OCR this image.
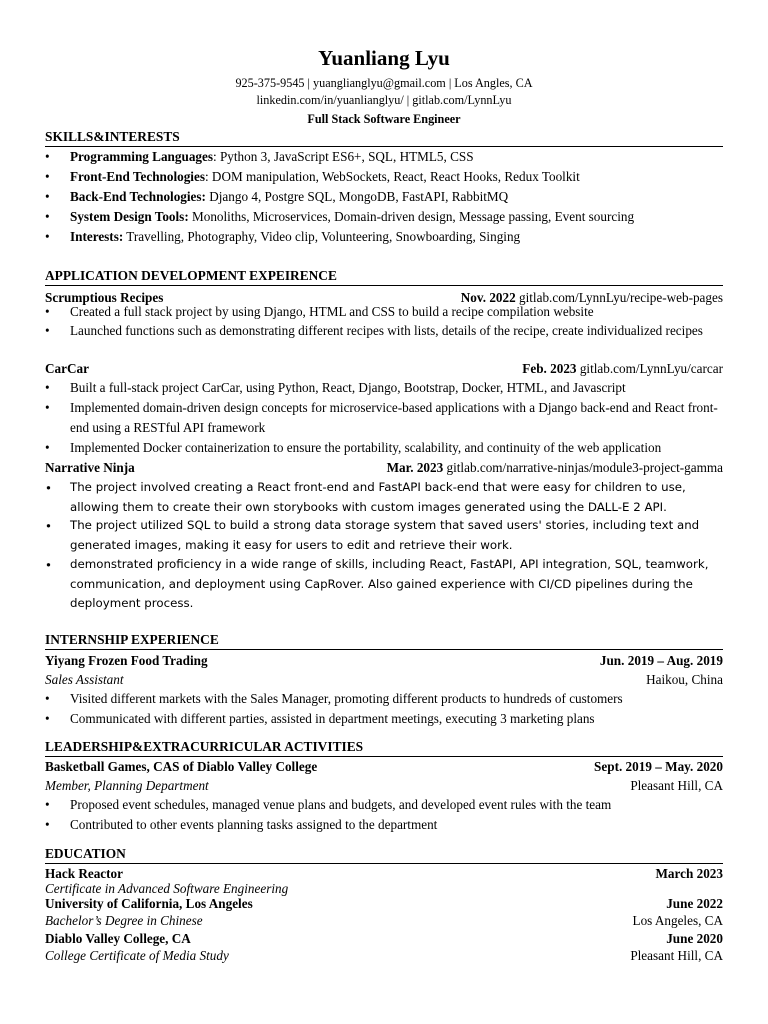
Yuanliang Lyu
925-375-9545 | yuanglianglyu@gmail.com | Los Angles, CA
linkedin.com/in/yuanlianglyu/ | gitlab.com/LynnLyu
Full Stack Software Engineer
SKILLS&INTERESTS
•	Programming Languages: Python 3, JavaScript ES6+, SQL, HTML5, CSS
•	Front-End Technologies: DOM manipulation, WebSockets, React, React Hooks, Redux Toolkit
•	Back-End Technologies: Django 4, Postgre SQL, MongoDB, FastAPI, RabbitMQ
•	System Design Tools: Monoliths, Microservices, Domain-driven design, Message passing, Event sourcing
•	Interests: Travelling, Photography, Video clip, Volunteering, Snowboarding, Singing
APPLICATION DEVELOPMENT EXPEIRENCE
Scrumptious Recipes	Nov. 2022 gitlab.com/LynnLyu/recipe-web-pages
•	Created a full stack project by using Django, HTML and CSS to build a recipe compilation website
•	Launched functions such as demonstrating different recipes with lists, details of the recipe, create individualized recipes
CarCar	Feb. 2023 gitlab.com/LynnLyu/carcar
•	Built a full-stack project CarCar, using Python, React, Django, Bootstrap, Docker, HTML, and Javascript
•	Implemented domain-driven design concepts for microservice-based applications with a Django back-end and React front-end using a RESTful API framework
•	Implemented Docker containerization to ensure the portability, scalability, and continuity of the web application
Narrative Ninja	Mar. 2023 gitlab.com/narrative-ninjas/module3-project-gamma
•	The project involved creating a React front-end and FastAPI back-end that were easy for children to use, allowing them to create their own storybooks with custom images generated using the DALL-E 2 API.
•	The project utilized SQL to build a strong data storage system that saved users' stories, including text and generated images, making it easy for users to edit and retrieve their work.
•	demonstrated proficiency in a wide range of skills, including React, FastAPI, API integration, SQL, teamwork, communication, and deployment using CapRover. Also gained experience with CI/CD pipelines during the deployment process.
INTERNSHIP EXPERIENCE
Yiyang Frozen Food Trading	Jun. 2019 – Aug. 2019
Sales Assistant	Haikou, China
•	Visited different markets with the Sales Manager, promoting different products to hundreds of customers
•	Communicated with different parties, assisted in department meetings, executing 3 marketing plans
LEADERSHIP&EXTRACURRICULAR ACTIVITIES
Basketball Games, CAS of Diablo Valley College	Sept. 2019 – May. 2020
Member, Planning Department	Pleasant Hill, CA
•	Proposed event schedules, managed venue plans and budgets, and developed event rules with the team
•	Contributed to other events planning tasks assigned to the department
EDUCATION
Hack Reactor	March 2023
Certificate in Advanced Software Engineering
University of California, Los Angeles	June 2022
Bachelor’s Degree in Chinese	Los Angeles, CA
Diablo Valley College, CA	June 2020
College Certificate of Media Study	Pleasant Hill, CA
